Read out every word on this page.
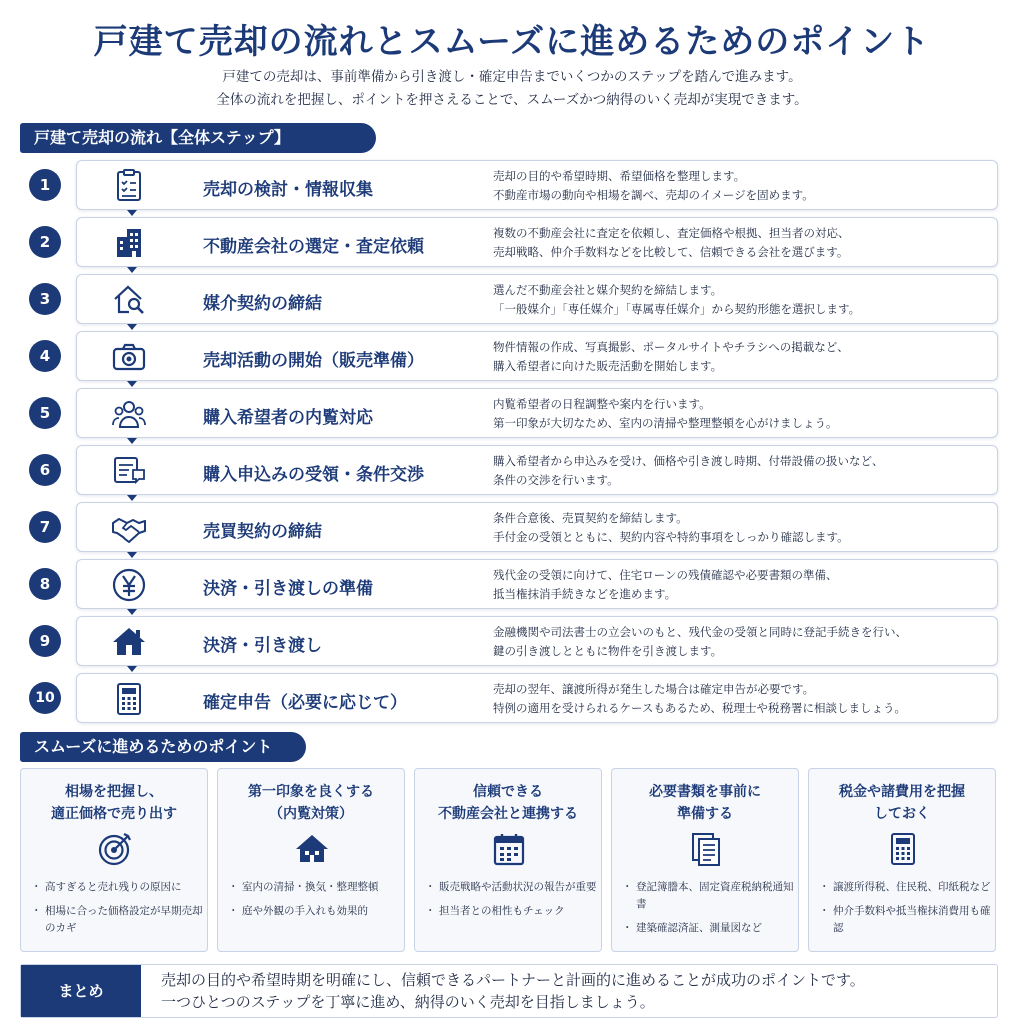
戸建て売却の流れとスムーズに進めるためのポイント
戸建ての売却は、事前準備から引き渡し・確定申告までいくつかのステップを踏んで進みます。
全体の流れを把握し、ポイントを押さえることで、スムーズかつ納得のいく売却が実現できます。
戸建て売却の流れ【全体ステップ】
1	売却の検討・情報収集
売却の目的や希望時期、希望価格を整理します。
不動産市場の動向や相場を調べ、売却のイメージを固めます。
2	不動産会社の選定・査定依頼
複数の不動産会社に査定を依頼し、査定価格や根拠、担当者の対応、
売却戦略、仲介手数料などを比較して、信頼できる会社を選びます。
3	媒介契約の締結
選んだ不動産会社と媒介契約を締結します。
「一般媒介」「専任媒介」「専属専任媒介」から契約形態を選択します。
4	売却活動の開始（販売準備）
物件情報の作成、写真撮影、ポータルサイトやチラシへの掲載など、
購入希望者に向けた販売活動を開始します。
5	購入希望者の内覧対応
内覧希望者の日程調整や案内を行います。
第一印象が大切なため、室内の清掃や整理整頓を心がけましょう。
6	購入申込みの受領・条件交渉
購入希望者から申込みを受け、価格や引き渡し時期、付帯設備の扱いなど、
条件の交渉を行います。
7	売買契約の締結
条件合意後、売買契約を締結します。
手付金の受領とともに、契約内容や特約事項をしっかり確認します。
8	決済・引き渡しの準備
残代金の受領に向けて、住宅ローンの残債確認や必要書類の準備、
抵当権抹消手続きなどを進めます。
9	決済・引き渡し
金融機関や司法書士の立会いのもと、残代金の受領と同時に登記手続きを行い、
鍵の引き渡しとともに物件を引き渡します。
10	確定申告（必要に応じて）
売却の翌年、譲渡所得が発生した場合は確定申告が必要です。
特例の適用を受けられるケースもあるため、税理士や税務署に相談しましょう。
スムーズに進めるためのポイント
相場を把握し、
適正価格で売り出す
・ 高すぎると売れ残りの原因に
・ 相場に合った価格設定が早期売却のカギ
第一印象を良くする
（内覧対策）
・ 室内の清掃・換気・整理整頓
・ 庭や外観の手入れも効果的
信頼できる
不動産会社と連携する
・ 販売戦略や活動状況の報告が重要
・ 担当者との相性もチェック
必要書類を事前に
準備する
・ 登記簿謄本、固定資産税納税通知書
・ 建築確認済証、測量図など
税金や諸費用を把握
しておく
・ 譲渡所得税、住民税、印紙税など
・ 仲介手数料や抵当権抹消費用も確認
まとめ
売却の目的や希望時期を明確にし、信頼できるパートナーと計画的に進めることが成功のポイントです。
一つひとつのステップを丁寧に進め、納得のいく売却を目指しましょう。
